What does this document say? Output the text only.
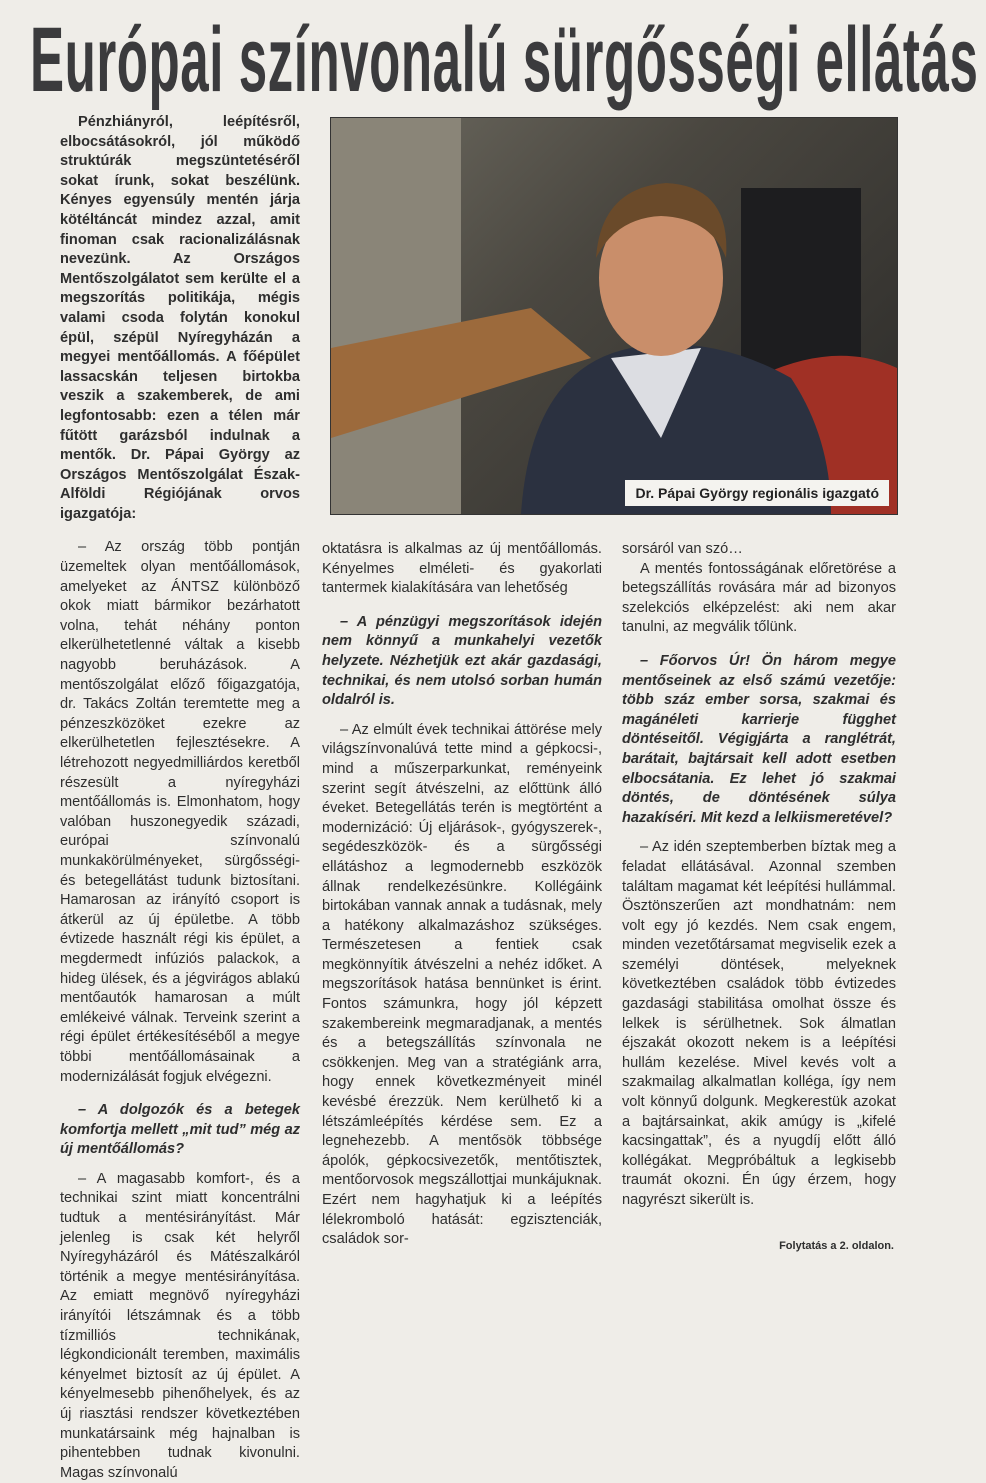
Európai színvonalú sürgősségi ellátás

Pénzhiányról, leépítésről, elbocsátásokról, jól működő struktúrák megszüntetéséről sokat írunk, sokat beszélünk. Kényes egyensúly mentén járja kötéltáncát mindez azzal, amit finoman csak racionalizálásnak nevezünk. Az Országos Mentőszolgálatot sem kerülte el a megszorítás politikája, mégis valami csoda folytán konokul épül, szépül Nyíregyházán a megyei mentőállomás. A főépület lassacskán teljesen birtokba veszik a szakemberek, de ami legfontosabb: ezen a télen már fűtött garázsból indulnak a mentők. Dr. Pápai György az Országos Mentőszolgálat Észak-Alföldi Régiójának orvos igazgatója:

– Az ország több pontján üzemeltek olyan mentőállomások, amelyeket az ÁNTSZ különböző okok miatt bármikor bezárhatott volna, tehát néhány ponton elkerülhetetlenné váltak a kisebb nagyobb beruházások. A mentőszolgálat előző főigazgatója, dr. Takács Zoltán teremtette meg a pénzeszközöket ezekre az elkerülhetetlen fejlesztésekre. A létrehozott negyedmilliárdos keretből részesült a nyíregyházi mentőállomás is. Elmonhatom, hogy valóban huszonegyedik századi, európai színvonalú munkakörülményeket, sürgősségi- és betegellátást tudunk biztosítani. Hamarosan az irányító csoport is átkerül az új épületbe. A több évtizede használt régi kis épület, a megdermedt infúziós palackok, a hideg ülések, és a jégvirágos ablakú mentőautók hamarosan a múlt emlékeivé válnak. Terveink szerint a régi épület értékesítéséből a megye többi mentőállomásainak a modernizálását fogjuk elvégezni.

– A dolgozók és a betegek komfortja mellett „mit tud” még az új mentőállomás?

– A magasabb komfort-, és a technikai szint miatt koncentrálni tudtuk a mentésirányítást. Már jelenleg is csak két helyről Nyíregyházáról és Mátészalkáról történik a megye mentésirányítása. Az emiatt megnövő nyíregyházi irányítói létszámnak és a több tízmilliós technikának, légkondicionált teremben, maximális kényelmet biztosít az új épület. A kényelmesebb pihenőhelyek, és az új riasztási rendszer következtében munkatársaink még hajnalban is pihentebben tudnak kivonulni. Magas színvonalú

Dr. Pápai György regionális igazgató

oktatásra is alkalmas az új mentőállomás. Kényelmes elméleti- és gyakorlati tantermek kialakítására van lehetőség

– A pénzügyi megszorítások idején nem könnyű a munkahelyi vezetők helyzete. Nézhetjük ezt akár gazdasági, technikai, és nem utolsó sorban humán oldalról is.

– Az elmúlt évek technikai áttörése mely világszínvonalúvá tette mind a gépkocsi-, mind a műszerparkunkat, reményeink szerint segít átvészelni, az előttünk álló éveket. Betegellátás terén is megtörtént a modernizáció: Új eljárások-, gyógyszerek-, segédeszközök- és a sürgősségi ellátáshoz a legmodernebb eszközök állnak rendelkezésünkre. Kollégáink birtokában vannak annak a tudásnak, mely a hatékony alkalmazáshoz szükséges. Természetesen a fentiek csak megkönnyítik átvészelni a nehéz időket. A megszorítások hatása bennünket is érint. Fontos számunkra, hogy jól képzett szakembereink megmaradjanak, a mentés és a betegszállítás színvonala ne csökkenjen. Meg van a stratégiánk arra, hogy ennek következményeit minél kevésbé érezzük. Nem kerülhető ki a létszámleépítés kérdése sem. Ez a legnehezebb. A mentősök többsége ápolók, gépkocsivezetők, mentőtisztek, mentőorvosok megszállottjai munkájuknak. Ezért nem hagyhatjuk ki a leépítés lélekromboló hatását: egzisztenciák, családok sor-

sorsáról van szó…

A mentés fontosságának előretörése a betegszállítás rovására már ad bizonyos szelekciós elképzelést: aki nem akar tanulni, az megválik tőlünk.

– Főorvos Úr! Ön három megye mentőseinek az első számú vezetője: több száz ember sorsa, szakmai és magánéleti karrierje függhet döntéseitől. Végigjárta a ranglétrát, barátait, bajtársait kell adott esetben elbocsátania. Ez lehet jó szakmai döntés, de döntésének súlya hazakíséri. Mit kezd a lelkiismeretével?

– Az idén szeptemberben bíztak meg a feladat ellátásával. Azonnal szemben találtam magamat két leépítési hullámmal. Ösztönszerűen azt mondhatnám: nem volt egy jó kezdés. Nem csak engem, minden vezetőtársamat megviselik ezek a személyi döntések, melyeknek következtében családok több évtizedes gazdasági stabilitása omolhat össze és lelkek is sérülhetnek. Sok álmatlan éjszakát okozott nekem is a leépítési hullám kezelése. Mivel kevés volt a szakmailag alkalmatlan kolléga, így nem volt könnyű dolgunk. Megkerestük azokat a bajtársainkat, akik amúgy is „kifelé kacsingattak”, és a nyugdíj előtt álló kollégákat. Megpróbáltuk a legkisebb traumát okozni. Én úgy érzem, hogy nagyrészt sikerült is.

Folytatás a 2. oldalon.
